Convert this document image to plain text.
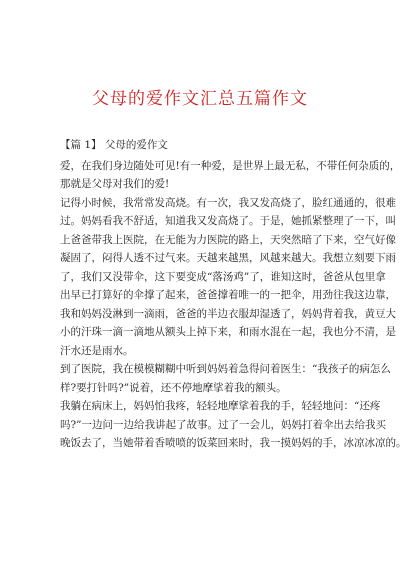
父母的爱作文汇总五篇作文
【篇 1】 父母的爱作文
爱，在我们身边随处可见!有一种爱，是世界上最无私，不带任何杂质的，
那就是父母对我们的爱!
记得小时候，我常常发高烧。有一次，我又发高烧了，脸红通通的，很难
过。妈妈看我不舒适，知道我又发高烧了。于是，她抓紧整理了一下，叫
上爸爸带我上医院，在无能为力医院的路上，天突然暗了下来，空气好像
凝固了，闷得人透不过气来。天越来越黑，风越来越大。我想立刻要下雨
了，我们又没带伞，这下要变成“落汤鸡”了，谁知这时，爸爸从包里拿
出早已打算好的伞撑了起来，爸爸撑着唯一的一把伞，用劲往我这边靠，
我和妈妈没淋到一滴雨，爸爸的半边衣服却湿透了，妈妈背着我，黄豆大
小的汗珠一滴一滴地从额头上掉下来，和雨水混在一起，我也分不清，是
汗水还是雨水。
到了医院，我在模模糊糊中听到妈妈着急得问着医生：“我孩子的病怎么
样?要打针吗?”说着，还不停地摩挲着我的额头。
我躺在病床上，妈妈怕我疼，轻轻地摩挲着我的手，轻轻地问：“还疼
吗?”一边问一边给我讲起了故事。过了一会儿，妈妈打着伞出去给我买
晚饭去了，当她带着香喷喷的饭菜回来时，我一摸妈妈的手，冰凉冰凉的。
